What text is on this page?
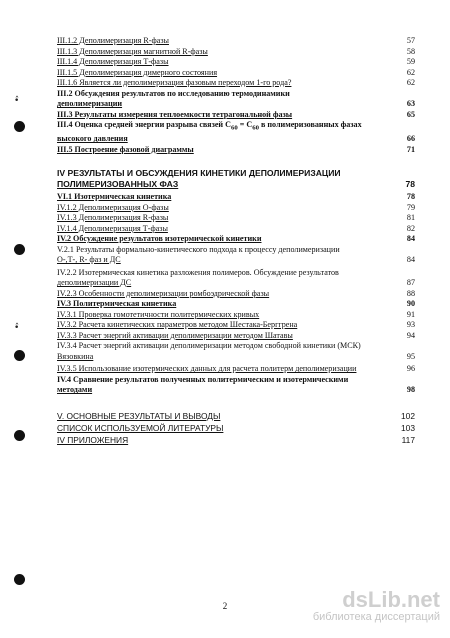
•̂
•̂
III.1.2 Деполимеризация R-фазы	57
III.1.3 Деполимеризация магнитной R-фазы	58
III.1.4 Деполимеризация Т-фазы	59
III.1.5 Деполимеризация димерного состояния	62
III.1.6 Является ли деполимеризация фазовым переходом 1-го рода?	62
III.2 Обсуждения результатов по исследованию термодинамики
деполимеризации	63
III.3 Результаты измерения теплоемкости тетрагональной фазы	65
III.4 Оценка средней энергии разрыва связей $С_{60} = С_{60}$ в полимеризованных фазах
высокого давления	66
III.5 Построение фазовой диаграммы	71
IV РЕЗУЛЬТАТЫ И ОБСУЖДЕНИЯ КИНЕТИКИ ДЕПОЛИМЕРИЗАЦИИ
ПОЛИМЕРИЗОВАННЫХ ФАЗ	78
VI.1 Изотермическая кинетика	78
IV.1.2 Деполимеризация О-фазы	79
IV.1.3 Деполимеризация R-фазы	81
IV.1.4 Деполимеризация Т-фазы	82
IV.2 Обсуждение результатов изотермической кинетики	84
V.2.1 Результаты формально-кинетического подхода к процессу деполимеризации
О-,Т-, R- фаз и ДС	84
IV.2.2 Изотермическая кинетика разложения полимеров. Обсуждение результатов
деполимеризации ДС	87
IV.2.3 Особенности деполимеризации ромбоэдрической фазы	88
IV.3 Политермическая кинетика	90
IV.3.1 Проверка гомотетичности политермических кривых	91
IV.3.2 Расчета кинетических параметров методом Шестака-Берггрена	93
IV.3.3 Расчет энергий активации деполимеризации методом Шатавы	94
IV.3.4 Расчет энергий активации деполимеризации методом свободной кинетики (МСК)
Вязовкина	95
IV.3.5 Использование изотермических данных для расчета политерм деполимеризации	96
IV.4 Сравнение результатов полученных политермическим и изотермическими
методами	98
V. ОСНОВНЫЕ РЕЗУЛЬТАТЫ И ВЫВОДЫ	102
СПИСОК ИСПОЛЬЗУЕМОЙ ЛИТЕРАТУРЫ	103
IV ПРИЛОЖЕНИЯ	117
2	dsLib.net
библиотека диссертаций
